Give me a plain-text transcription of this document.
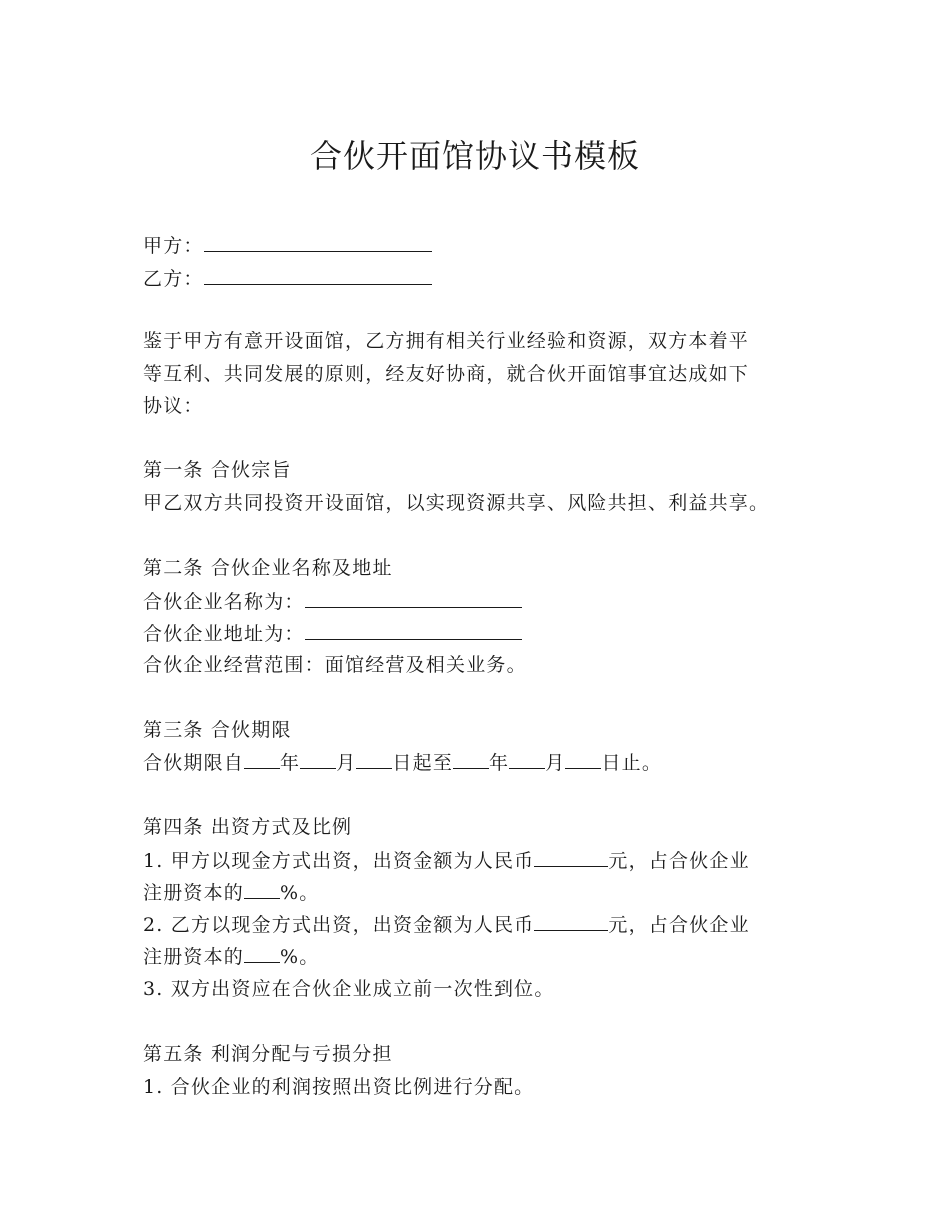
合伙开面馆协议书模板
甲方：
乙方：
鉴于甲方有意开设面馆，乙方拥有相关行业经验和资源，双方本着平
等互利、共同发展的原则，经友好协商，就合伙开面馆事宜达成如下
协议：
第一条 合伙宗旨
甲乙双方共同投资开设面馆，以实现资源共享、风险共担、利益共享。
第二条 合伙企业名称及地址
合伙企业名称为：
合伙企业地址为：
合伙企业经营范围：面馆经营及相关业务。
第三条 合伙期限
合伙期限自 年 月 日起至 年 月 日止。
第四条 出资方式及比例
1. 甲方以现金方式出资，出资金额为人民币	元，占合伙企业
注册资本的 %。
2. 乙方以现金方式出资，出资金额为人民币	元，占合伙企业
注册资本的 %。
3. 双方出资应在合伙企业成立前一次性到位。
第五条 利润分配与亏损分担
1. 合伙企业的利润按照出资比例进行分配。
